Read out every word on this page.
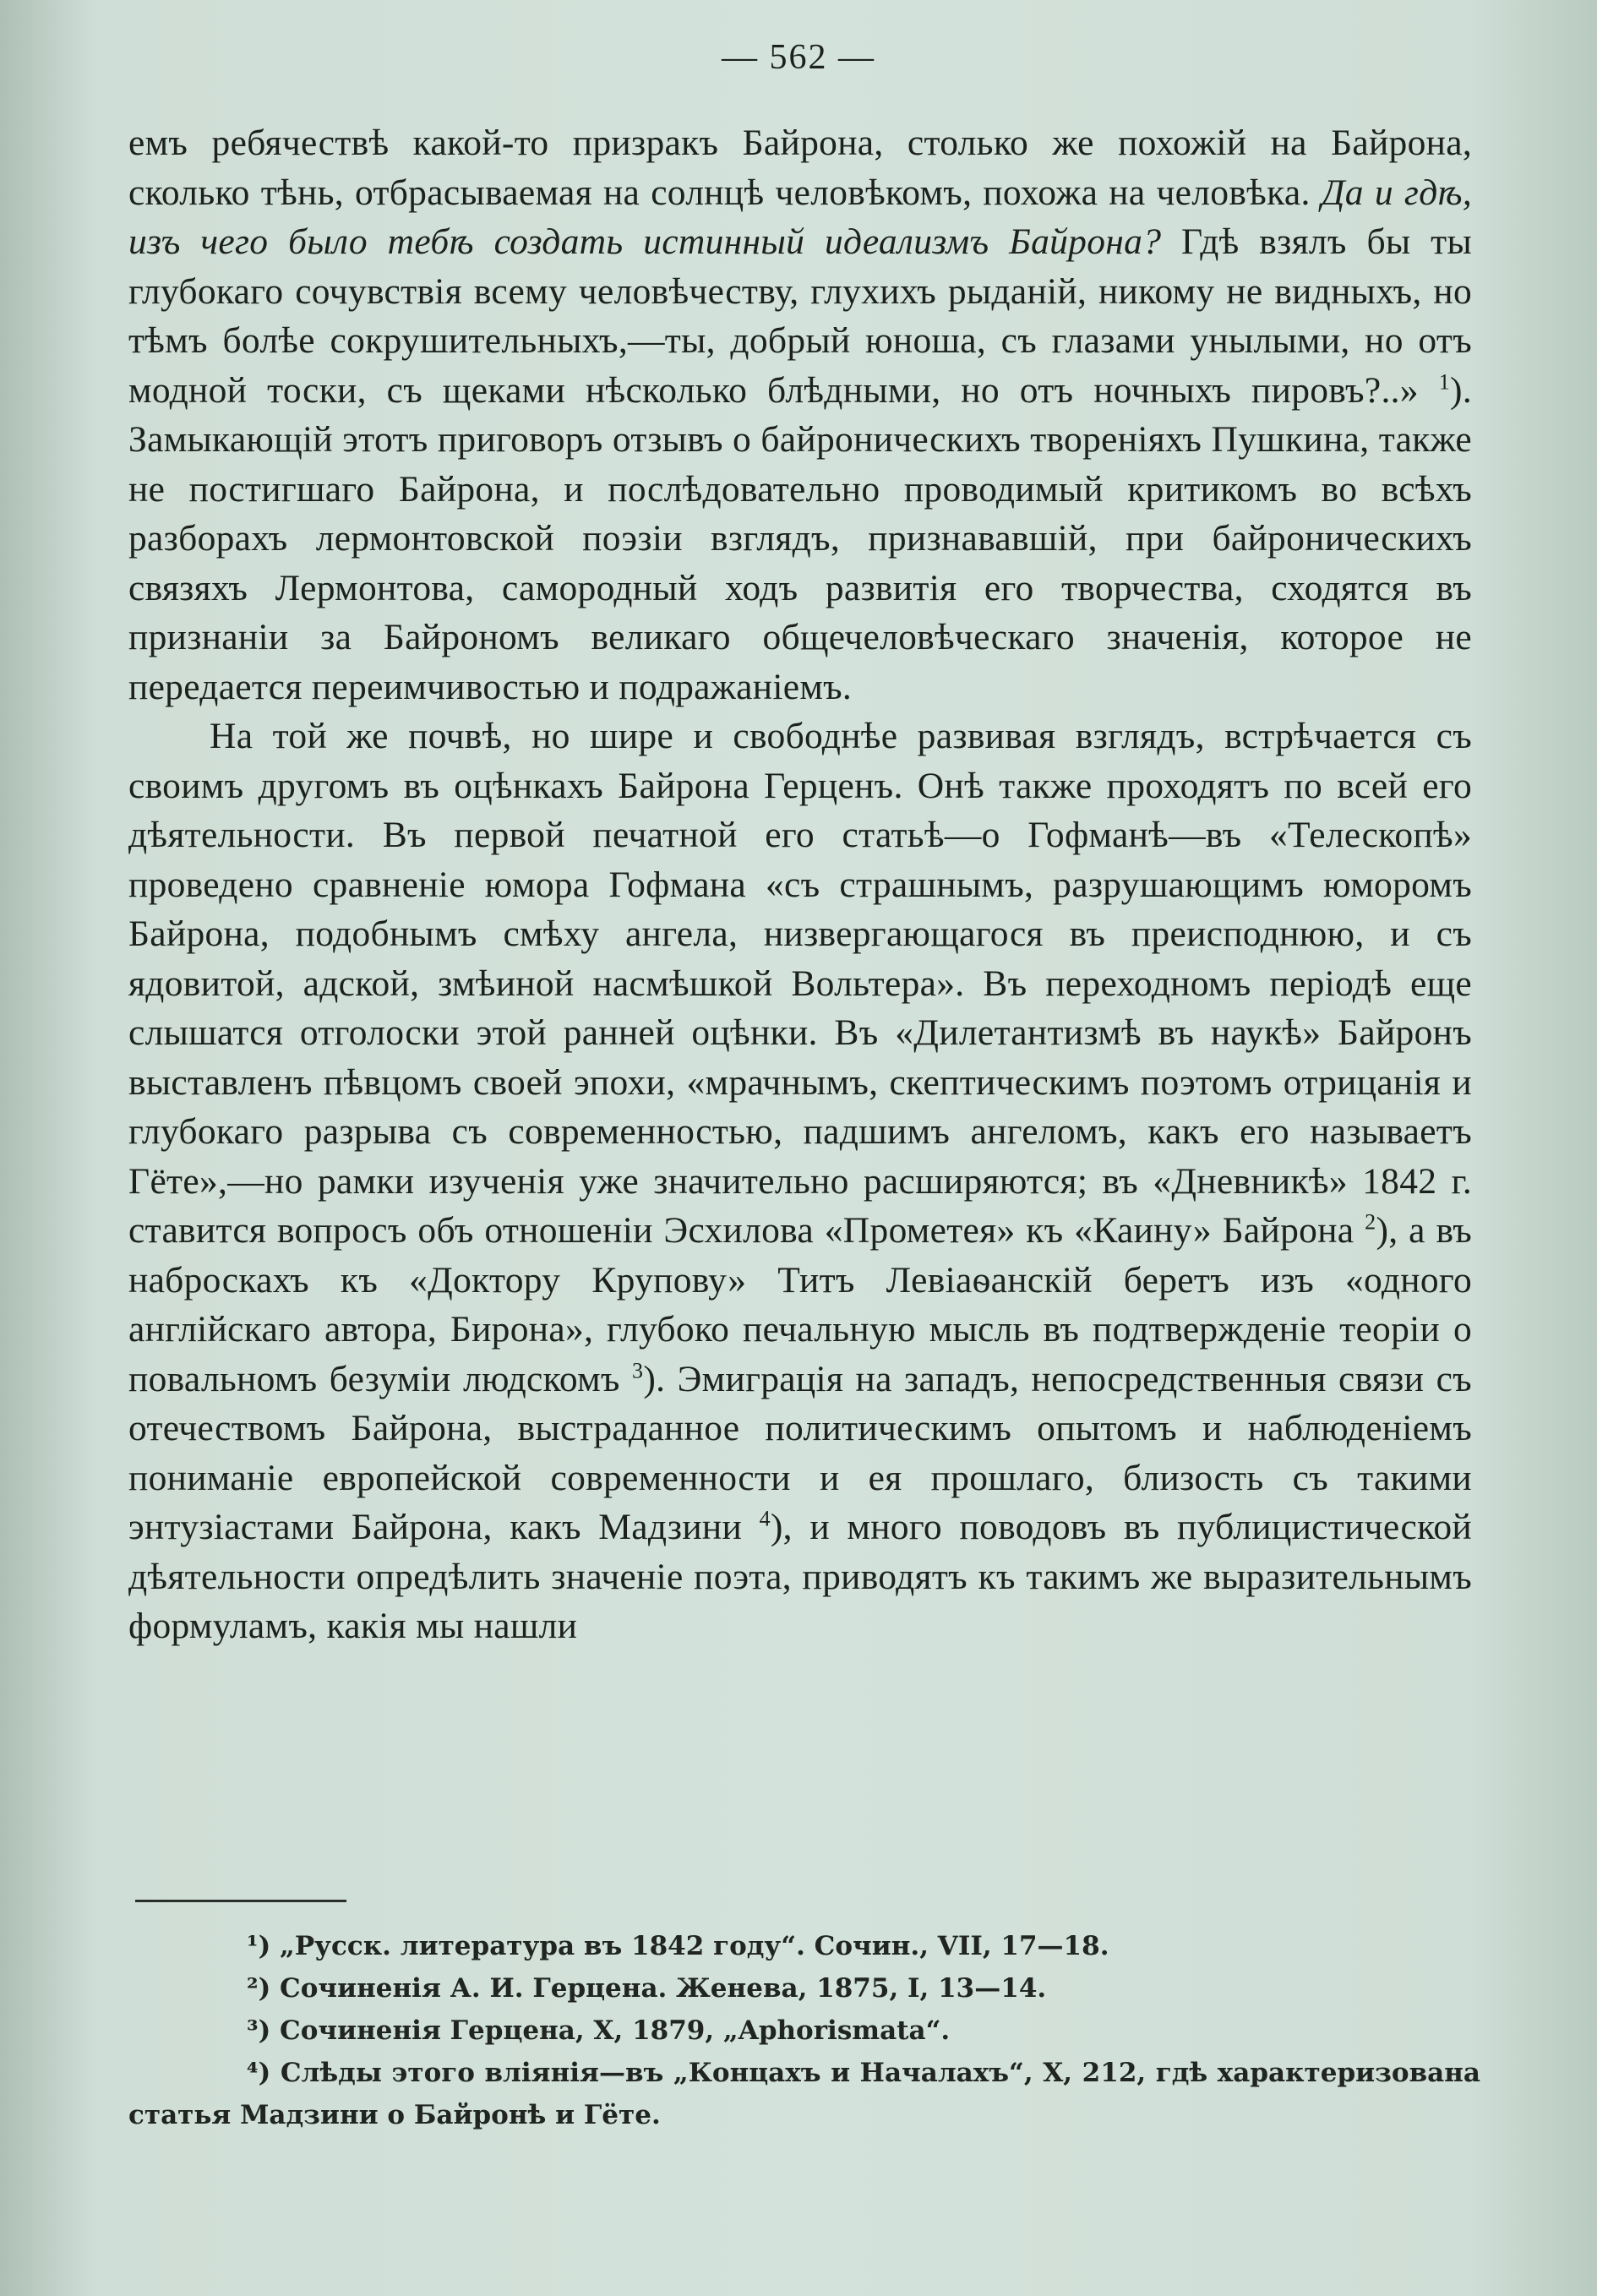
— 562 —

емъ ребячествѣ какой-то призракъ Байрона, столько же похожій на Байрона, сколько тѣнь, отбрасываемая на солнцѣ человѣкомъ, похожа на человѣка. Да и гдѣ, изъ чего было тебѣ создать истинный идеализмъ Байрона? Гдѣ взялъ бы ты глубокаго сочувствія всему человѣчеству, глухихъ рыданій, никому не видныхъ, но тѣмъ болѣе сокрушительныхъ,—ты, добрый юноша, съ глазами унылыми, но отъ модной тоски, съ щеками нѣсколько блѣдными, но отъ ночныхъ пировъ?..» $^1$). Замыкающій этотъ приговоръ отзывъ о байроническихъ твореніяхъ Пушкина, также не постигшаго Байрона, и послѣдовательно проводимый критикомъ во всѣхъ разборахъ лермонтовской поэзіи взглядъ, признававшій, при байроническихъ связяхъ Лермонтова, самородный ходъ развитія его творчества, сходятся въ признаніи за Байрономъ великаго общечеловѣческаго значенія, которое не передается переимчивостью и подражаніемъ.

На той же почвѣ, но шире и свободнѣе развивая взглядъ, встрѣчается съ своимъ другомъ въ оцѣнкахъ Байрона Герценъ. Онѣ также проходятъ по всей его дѣятельности. Въ первой печатной его статьѣ—о Гофманѣ—въ «Телескопѣ» проведено сравненіе юмора Гофмана «съ страшнымъ, разрушающимъ юморомъ Байрона, подобнымъ смѣху ангела, низвергающагося въ преисподнюю, и съ ядовитой, адской, змѣиной насмѣшкой Вольтера». Въ переходномъ періодѣ еще слышатся отголоски этой ранней оцѣнки. Въ «Дилетантизмѣ въ наукѣ» Байронъ выставленъ пѣвцомъ своей эпохи, «мрачнымъ, скептическимъ поэтомъ отрицанія и глубокаго разрыва съ современностью, падшимъ ангеломъ, какъ его называетъ Гёте»,—но рамки изученія уже значительно расширяются; въ «Дневникѣ» 1842 г. ставится вопросъ объ отношеніи Эсхилова «Прометея» къ «Каину» Байрона $^2$), а въ наброскахъ къ «Доктору Крупову» Титъ Левіаѳанскій беретъ изъ «одного англійскаго автора, Бирона», глубоко печальную мысль въ подтвержденіе теоріи о повальномъ безуміи людскомъ $^3$). Эмиграція на западъ, непосредственныя связи съ отечествомъ Байрона, выстраданное политическимъ опытомъ и наблюденіемъ пониманіе европейской современности и ея прошлаго, близость съ такими энтузіастами Байрона, какъ Мадзини $^4$), и много поводовъ въ публицистической дѣятельности опредѣлить значеніе поэта, приводятъ къ такимъ же выразительнымъ формуламъ, какія мы нашли

¹) „Русск. литература въ 1842 году“. Сочин., VII, 17—18.

²) Сочиненія А. И. Герцена. Женева, 1875, I, 13—14.

³) Сочиненія Герцена, X, 1879, „Aphorismata“.

⁴) Слѣды этого вліянія—въ „Концахъ и Началахъ“, X, 212, гдѣ характеризована статья Мадзини о Байронѣ и Гёте.
